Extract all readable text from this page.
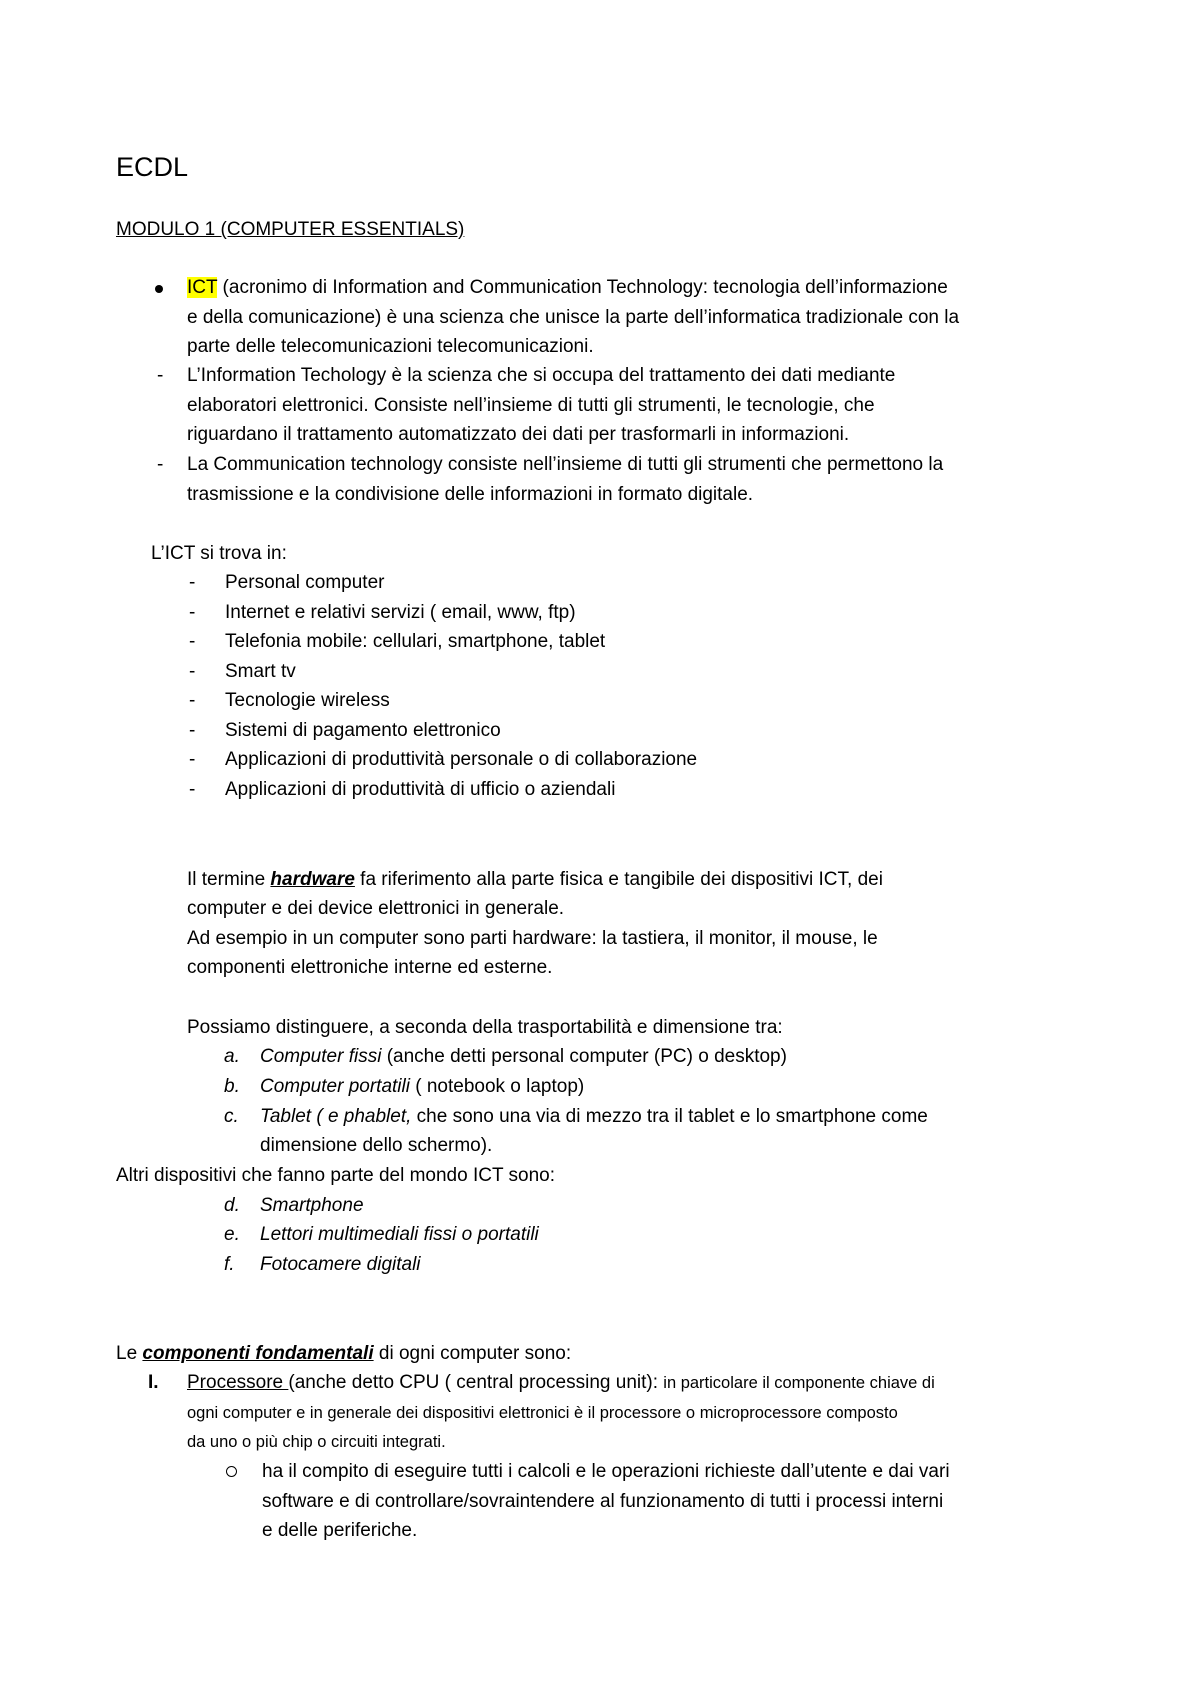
ECDL
MODULO 1 (COMPUTER ESSENTIALS)
ICT (acronimo di Information and Communication Technology: tecnologia dell’informazione
e della comunicazione) è una scienza che unisce la parte dell’informatica tradizionale con la
parte delle telecomunicazioni telecomunicazioni.
- L’Information Techology è la scienza che si occupa del trattamento dei dati mediante
elaboratori elettronici. Consiste nell’insieme di tutti gli strumenti, le tecnologie, che
riguardano il trattamento automatizzato dei dati per trasformarli in informazioni.
- La Communication technology consiste nell’insieme di tutti gli strumenti che permettono la
trasmissione e la condivisione delle informazioni in formato digitale.
L’ICT si trova in:
- Personal computer
- Internet e relativi servizi ( email, www, ftp)
- Telefonia mobile: cellulari, smartphone, tablet
- Smart tv
- Tecnologie wireless
- Sistemi di pagamento elettronico
- Applicazioni di produttività personale o di collaborazione
- Applicazioni di produttività di ufficio o aziendali
Il termine hardware fa riferimento alla parte fisica e tangibile dei dispositivi ICT, dei
computer e dei device elettronici in generale.
Ad esempio in un computer sono parti hardware: la tastiera, il monitor, il mouse, le
componenti elettroniche interne ed esterne.
Possiamo distinguere, a seconda della trasportabilità e dimensione tra:
a. Computer fissi (anche detti personal computer (PC) o desktop)
b. Computer portatili ( notebook o laptop)
c. Tablet ( e phablet, che sono una via di mezzo tra il tablet e lo smartphone come
dimensione dello schermo).
Altri dispositivi che fanno parte del mondo ICT sono:
d. Smartphone
e. Lettori multimediali fissi o portatili
f. Fotocamere digitali
Le componenti fondamentali di ogni computer sono:
I. Processore (anche detto CPU ( central processing unit): in particolare il componente chiave di
ogni computer e in generale dei dispositivi elettronici è il processore o microprocessore composto
da uno o più chip o circuiti integrati.
ha il compito di eseguire tutti i calcoli e le operazioni richieste dall’utente e dai vari
software e di controllare/sovraintendere al funzionamento di tutti i processi interni
e delle periferiche.
